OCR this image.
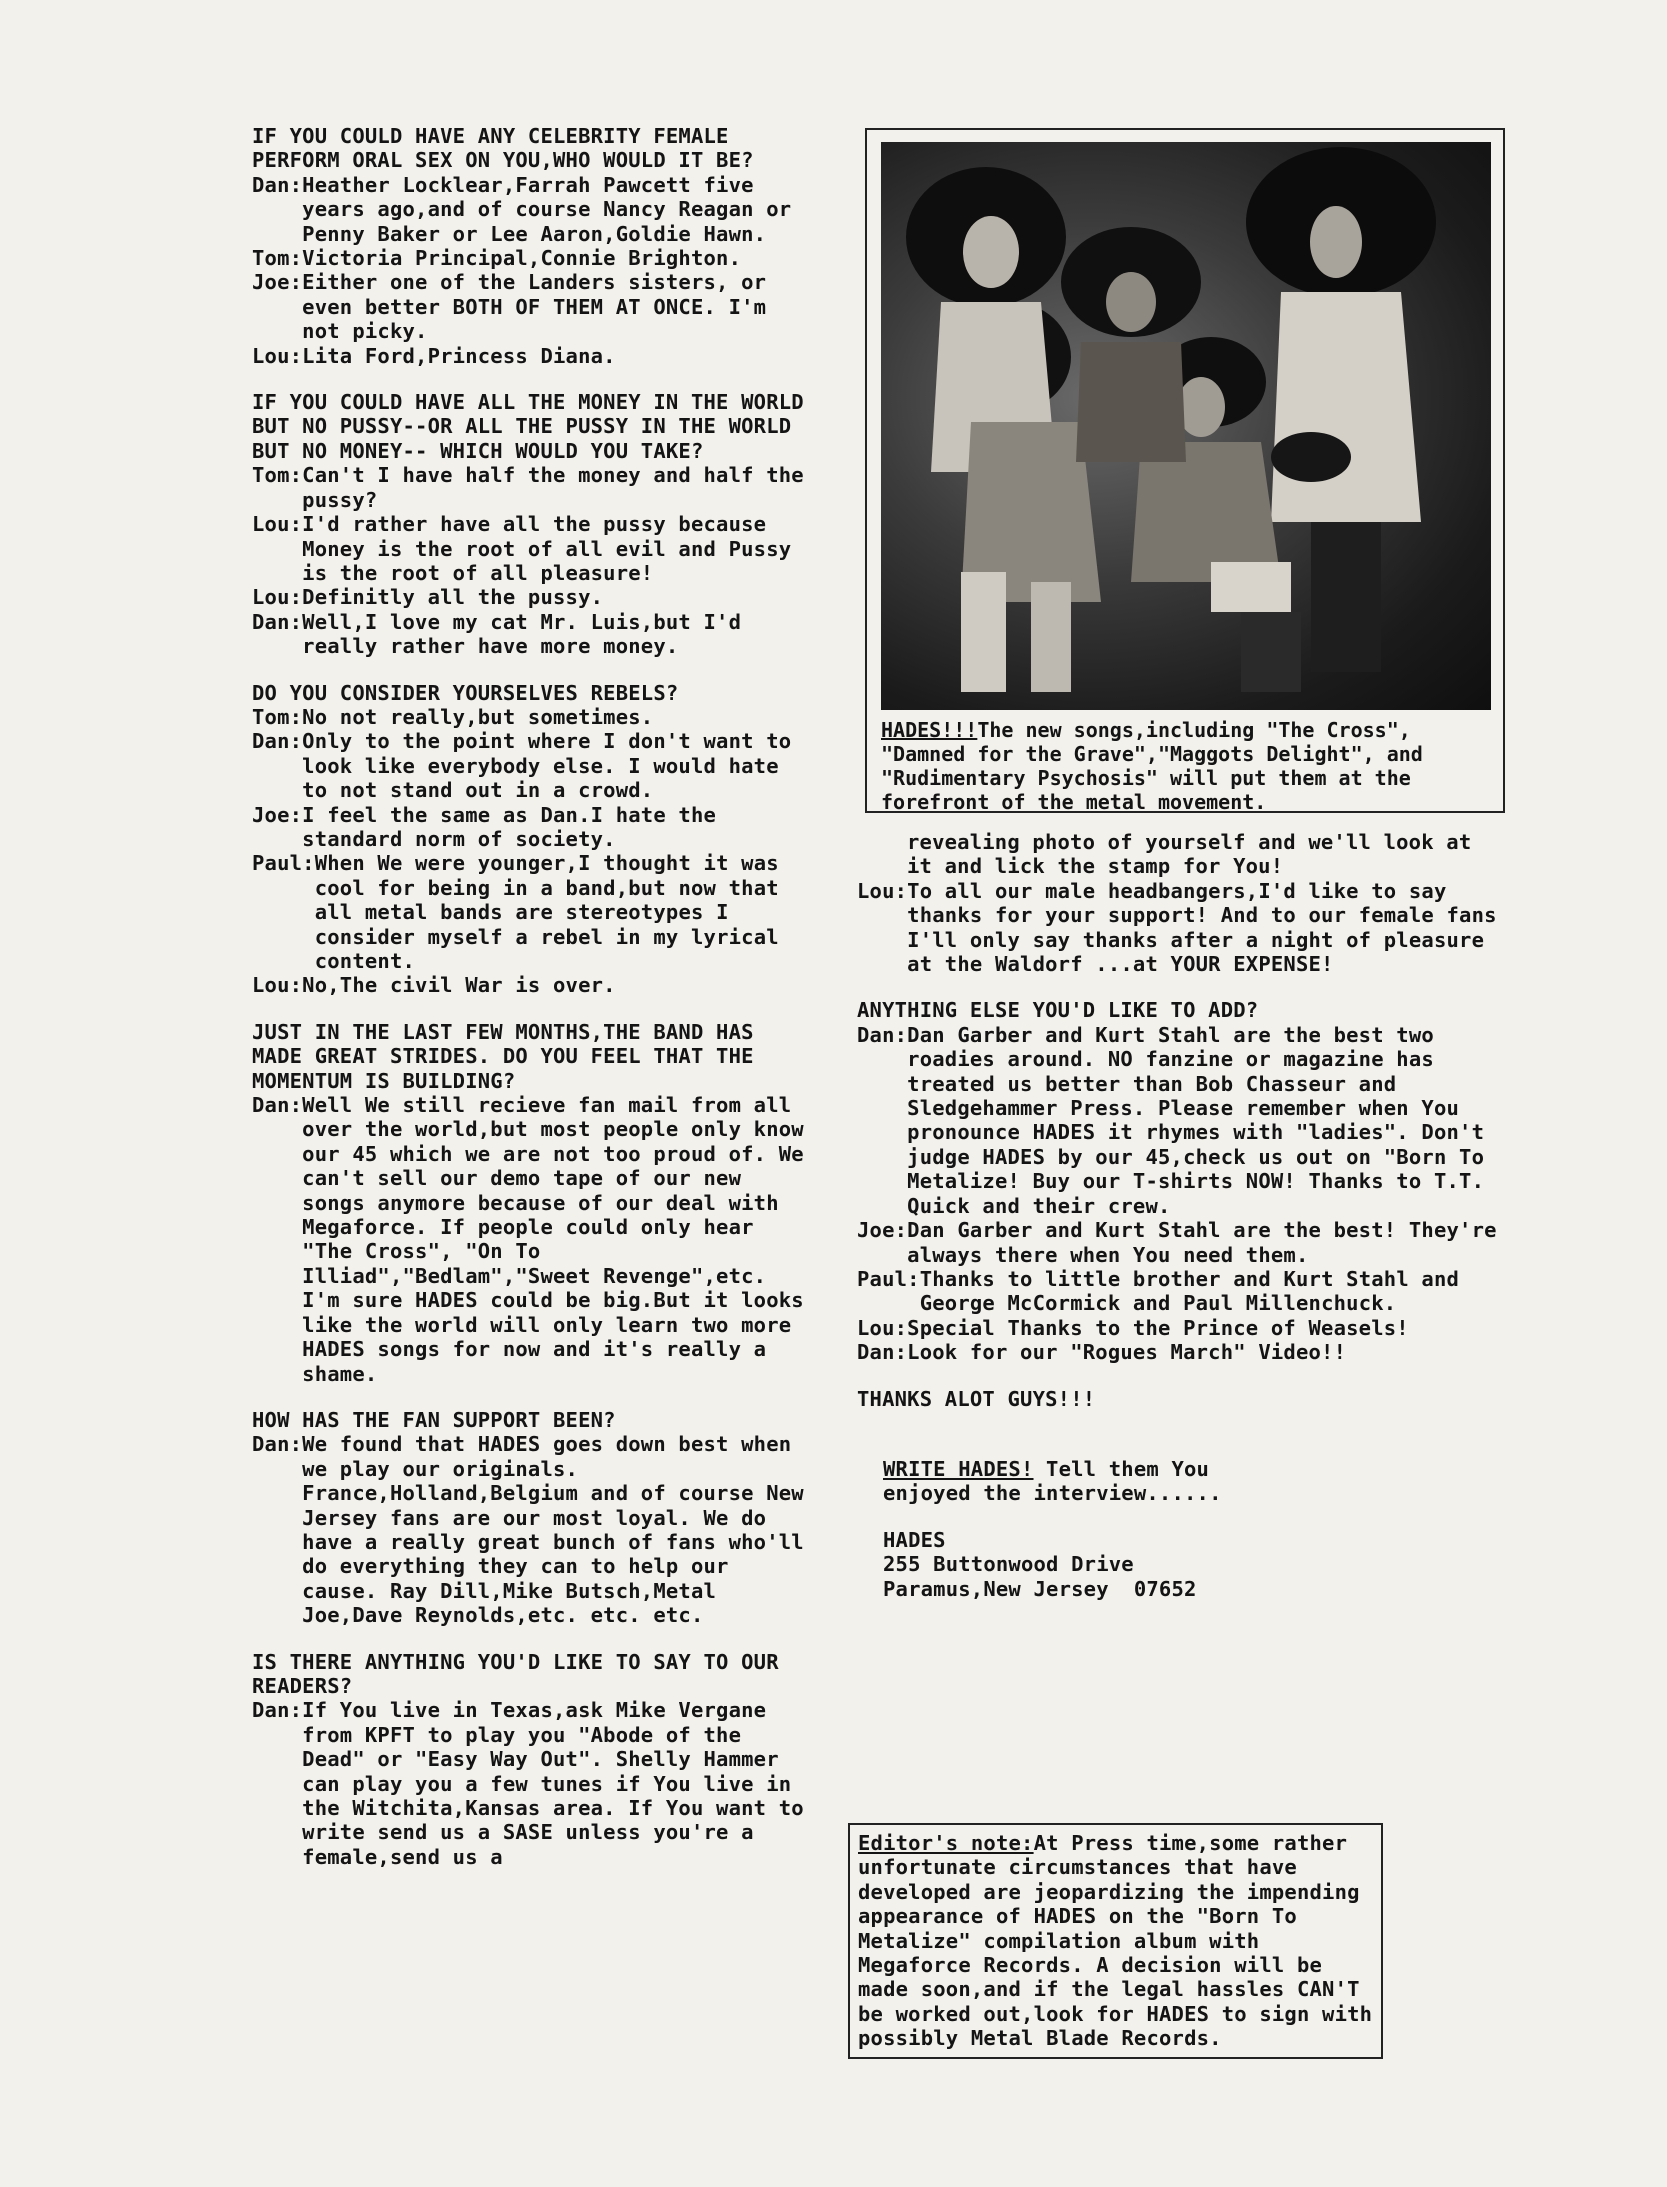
IF YOU COULD HAVE ANY CELEBRITY FEMALE PERFORM ORAL SEX ON YOU,WHO WOULD IT BE?

Dan: Heather Locklear,Farrah Pawcett five years ago,and of course Nancy Reagan or Penny Baker or Lee Aaron,Goldie Hawn.
Tom: Victoria Principal,Connie Brighton.
Joe: Either one of the Landers sisters, or even better BOTH OF THEM AT ONCE. I'm not picky.
Lou: Lita Ford,Princess Diana.

IF YOU COULD HAVE ALL THE MONEY IN THE WORLD BUT NO PUSSY--OR ALL THE PUSSY IN THE WORLD BUT NO MONEY-- WHICH WOULD YOU TAKE?

Tom: Can't I have half the money and half the pussy?
Lou: I'd rather have all the pussy because Money is the root of all evil and Pussy is the root of all pleasure!
Lou: Definitly all the pussy.
Dan: Well,I love my cat Mr. Luis,but I'd really rather have more money.

DO YOU CONSIDER YOURSELVES REBELS?

Tom: No not really,but sometimes.
Dan: Only to the point where I don't want to look like everybody else. I would hate to not stand out in a crowd.
Joe: I feel the same as Dan.I hate the standard norm of society.
Paul: When We were younger,I thought it was cool for being in a band,but now that all metal bands are stereotypes I consider myself a rebel in my lyrical content.
Lou: No,The civil War is over.

JUST IN THE LAST FEW MONTHS,THE BAND HAS MADE GREAT STRIDES. DO YOU FEEL THAT THE MOMENTUM IS BUILDING?

Dan: Well We still recieve fan mail from all over the world,but most people only know our 45 which we are not too proud of. We can't sell our demo tape of our new songs anymore because of our deal with Megaforce. If people could only hear "The Cross", "On To Illiad","Bedlam","Sweet Revenge",etc. I'm sure HADES could be big.But it looks like the world will only learn two more HADES songs for now and it's really a shame.

HOW HAS THE FAN SUPPORT BEEN?

Dan: We found that HADES goes down best when we play our originals. France,Holland,Belgium and of course New Jersey fans are our most loyal. We do have a really great bunch of fans who'll do everything they can to help our cause. Ray Dill,Mike Butsch,Metal Joe,Dave Reynolds,etc. etc. etc.

IS THERE ANYTHING YOU'D LIKE TO SAY TO OUR READERS?

Dan: If You live in Texas,ask Mike Vergane from KPFT to play you "Abode of the Dead" or "Easy Way Out". Shelly Hammer can play you a few tunes if You live in the Witchita,Kansas area. If You want to write send us a SASE unless you're a female,send us a
HADES!!!The new songs,including "The Cross", "Damned for the Grave","Maggots Delight", and "Rudimentary Psychosis" will put them at the forefront of the metal movement.

revealing photo of yourself and we'll look at it and lick the stamp for You!

Lou: To all our male headbangers,I'd like to say thanks for your support! And to our female fans I'll only say thanks after a night of pleasure at the Waldorf ...at YOUR EXPENSE!

ANYTHING ELSE YOU'D LIKE TO ADD?

Dan: Dan Garber and Kurt Stahl are the best two roadies around. NO fanzine or magazine has treated us better than Bob Chasseur and Sledgehammer Press. Please remember when You pronounce HADES it rhymes with "ladies". Don't judge HADES by our 45,check us out on "Born To Metalize! Buy our T-shirts NOW! Thanks to T.T. Quick and their crew.
Joe: Dan Garber and Kurt Stahl are the best! They're always there when You need them.
Paul: Thanks to little brother and Kurt Stahl and George McCormick and Paul Millenchuck.
Lou: Special Thanks to the Prince of Weasels!
Dan: Look for our "Rogues March" Video!!

THANKS ALOT GUYS!!!

WRITE HADES! Tell them You

enjoyed the interview......

HADES

255 Buttonwood Drive

Paramus,New Jersey  07652

Editor's note:At Press time,some rather unfortunate circumstances that have developed are jeopardizing the impending appearance of HADES on the "Born To Metalize" compilation album with Megaforce Records. A decision will be made soon,and if the legal hassles CAN'T be worked out,look for HADES to sign with possibly Metal Blade Records.
